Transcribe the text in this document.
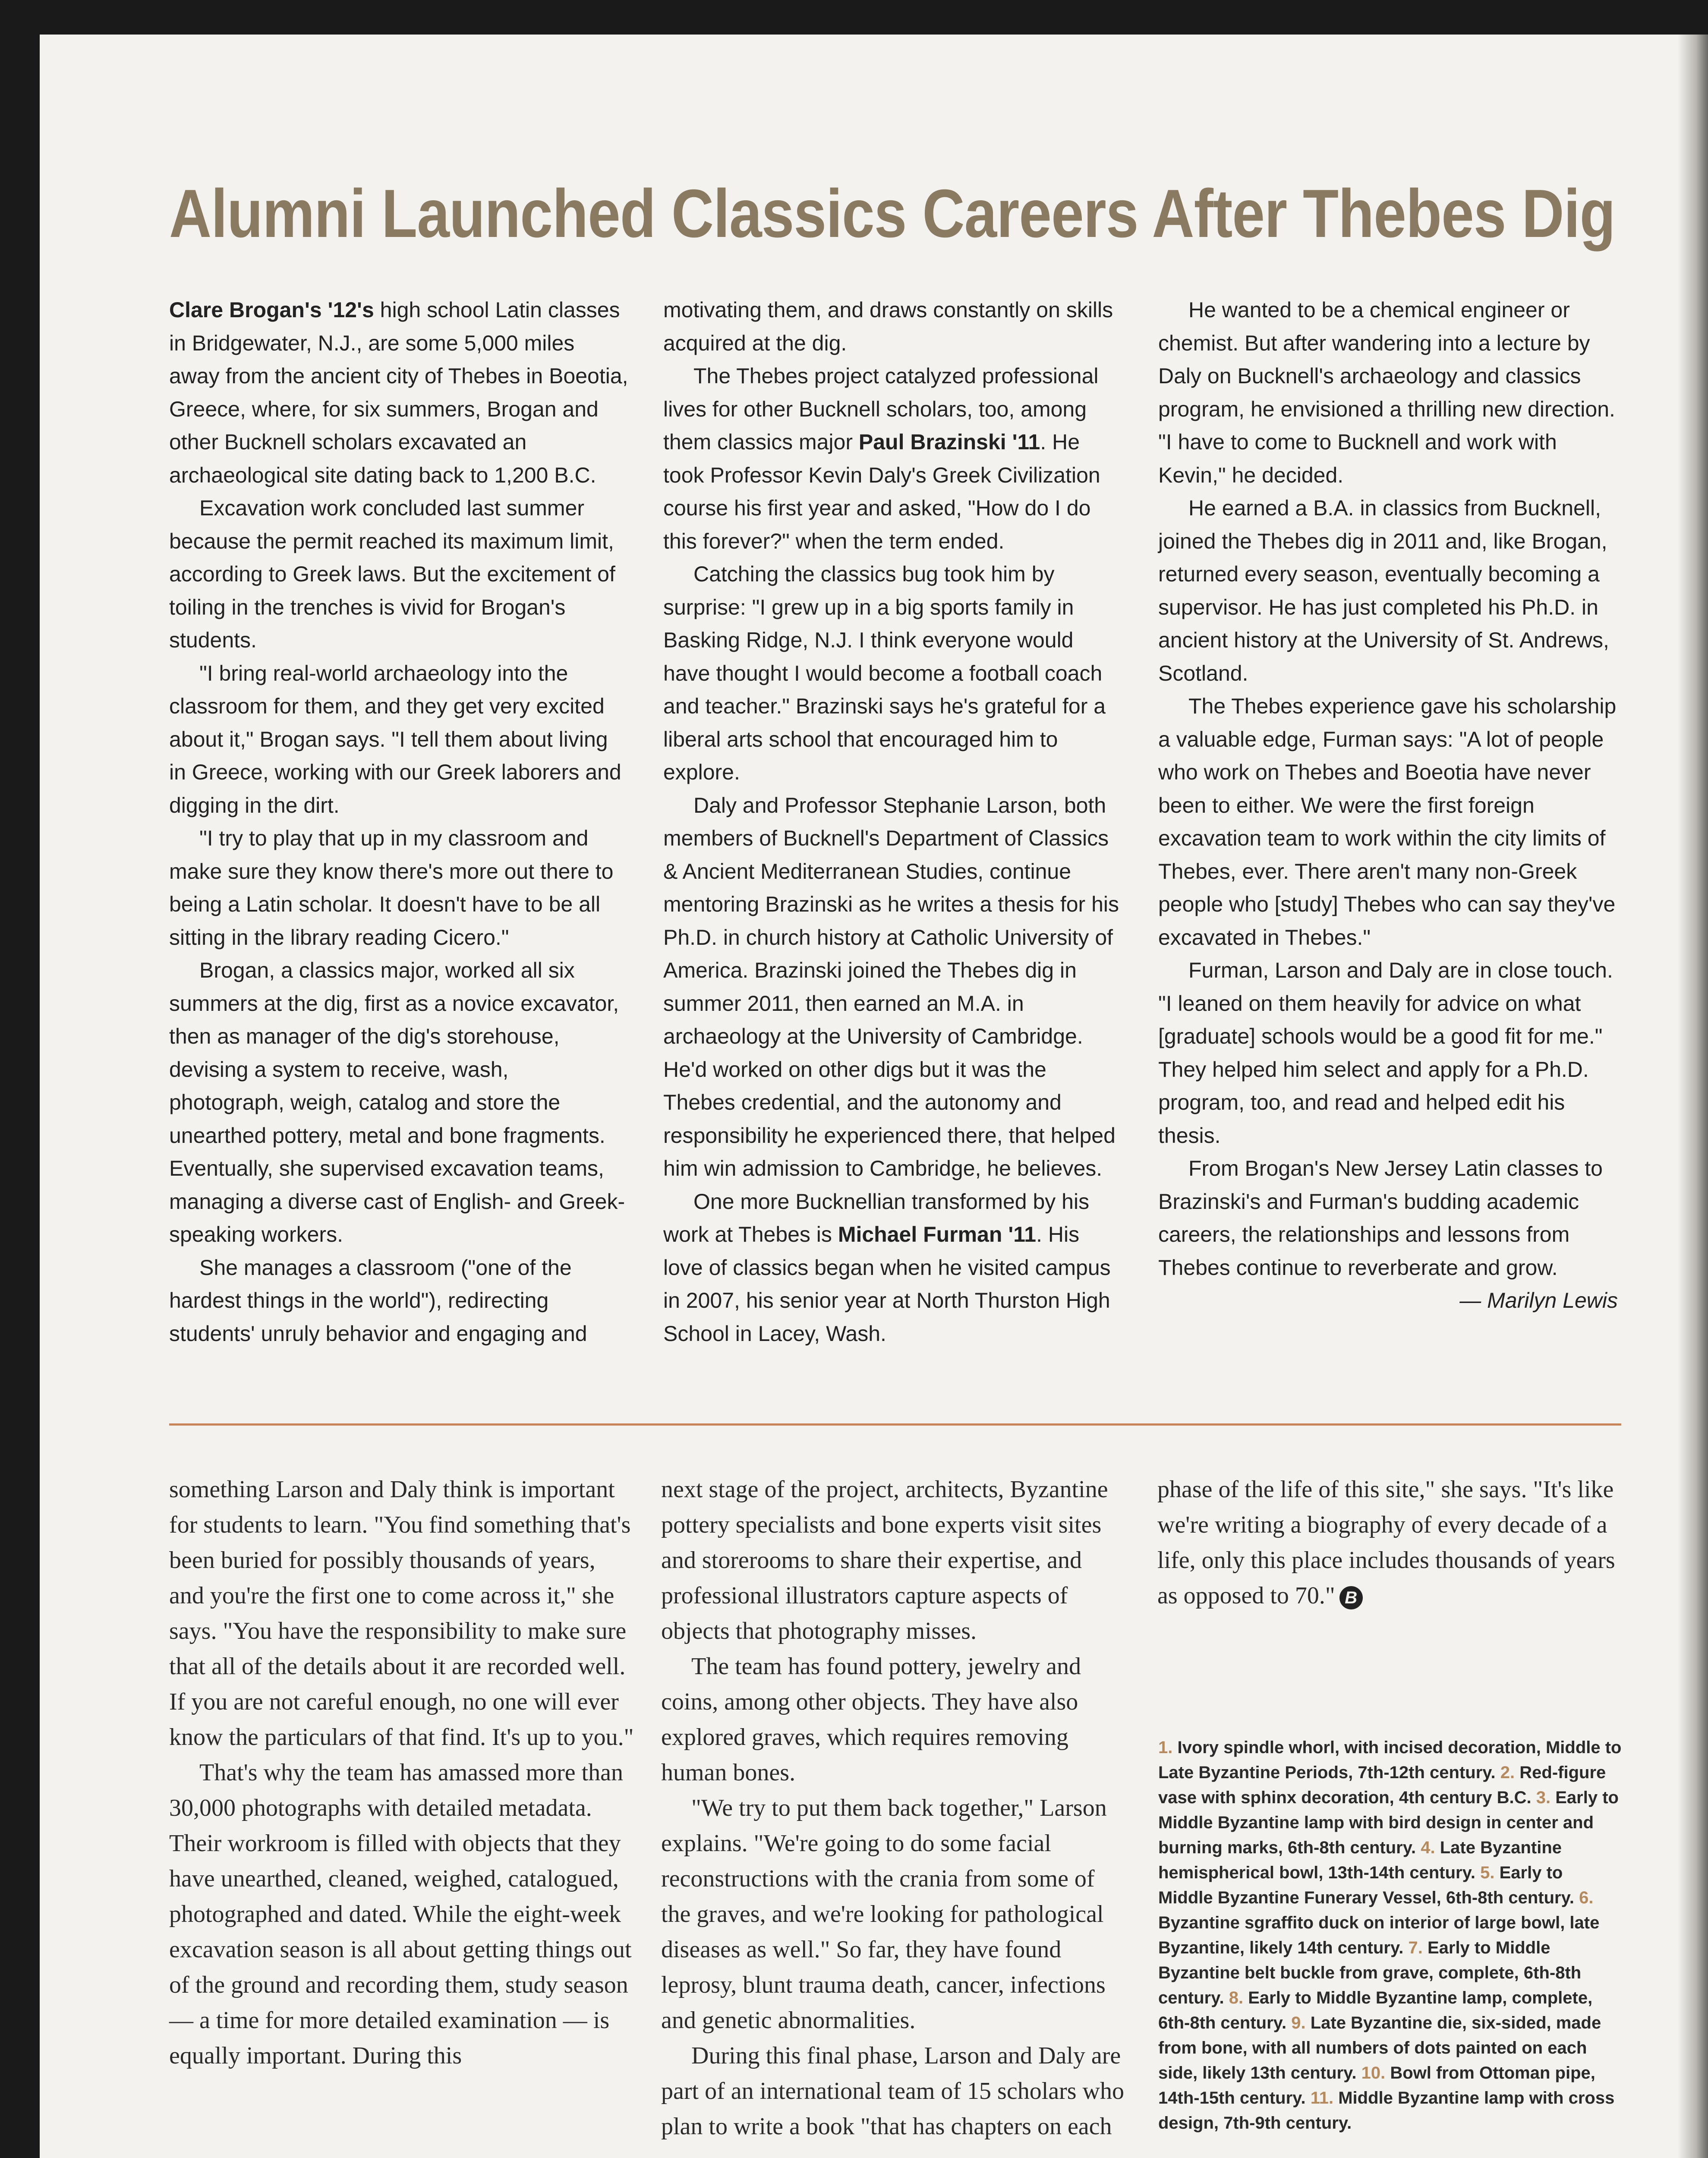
Alumni Launched Classics Careers After Thebes Dig

Clare Brogan's '12's high school Latin classes in Bridgewater, N.J., are some 5,000 miles away from the ancient city of Thebes in Boeotia, Greece, where, for six summers, Brogan and other Bucknell scholars excavated an archaeological site dating back to 1,200 B.C.

Excavation work concluded last summer because the permit reached its maximum limit, according to Greek laws. But the excitement of toiling in the trenches is vivid for Brogan's students.

"I bring real-world archaeology into the classroom for them, and they get very excited about it," Brogan says. "I tell them about living in Greece, working with our Greek laborers and digging in the dirt.

"I try to play that up in my classroom and make sure they know there's more out there to being a Latin scholar. It doesn't have to be all sitting in the library reading Cicero."

Brogan, a classics major, worked all six summers at the dig, first as a novice excavator, then as manager of the dig's storehouse, devising a system to receive, wash, photograph, weigh, catalog and store the unearthed pottery, metal and bone fragments. Eventually, she supervised excavation teams, managing a diverse cast of English- and Greek-speaking workers.

She manages a classroom ("one of the hardest things in the world"), redirecting students' unruly behavior and engaging and

motivating them, and draws constantly on skills acquired at the dig.

The Thebes project catalyzed professional lives for other Bucknell scholars, too, among them classics major Paul Brazinski '11. He took Professor Kevin Daly's Greek Civilization course his first year and asked, "How do I do this forever?" when the term ended.

Catching the classics bug took him by surprise: "I grew up in a big sports family in Basking Ridge, N.J. I think everyone would have thought I would become a football coach and teacher." Brazinski says he's grateful for a liberal arts school that encouraged him to explore.

Daly and Professor Stephanie Larson, both members of Bucknell's Department of Classics & Ancient Mediterranean Studies, continue mentoring Brazinski as he writes a thesis for his Ph.D. in church history at Catholic University of America. Brazinski joined the Thebes dig in summer 2011, then earned an M.A. in archaeology at the University of Cambridge. He'd worked on other digs but it was the Thebes credential, and the autonomy and responsibility he experienced there, that helped him win admission to Cambridge, he believes.

One more Bucknellian transformed by his work at Thebes is Michael Furman '11. His love of classics began when he visited campus in 2007, his senior year at North Thurston High School in Lacey, Wash.

He wanted to be a chemical engineer or chemist. But after wandering into a lecture by Daly on Bucknell's archaeology and classics program, he envisioned a thrilling new direction. "I have to come to Bucknell and work with Kevin," he decided.

He earned a B.A. in classics from Bucknell, joined the Thebes dig in 2011 and, like Brogan, returned every season, eventually becoming a supervisor. He has just completed his Ph.D. in ancient history at the University of St. Andrews, Scotland.

The Thebes experience gave his scholarship a valuable edge, Furman says: "A lot of people who work on Thebes and Boeotia have never been to either. We were the first foreign excavation team to work within the city limits of Thebes, ever. There aren't many non-Greek people who [study] Thebes who can say they've excavated in Thebes."

Furman, Larson and Daly are in close touch. "I leaned on them heavily for advice on what [graduate] schools would be a good fit for me." They helped him select and apply for a Ph.D. program, too, and read and helped edit his thesis.

From Brogan's New Jersey Latin classes to Brazinski's and Furman's budding academic careers, the relationships and lessons from Thebes continue to reverberate and grow.

— Marilyn Lewis

something Larson and Daly think is important for students to learn. "You find something that's been buried for possibly thousands of years, and you're the first one to come across it," she says. "You have the responsibility to make sure that all of the details about it are recorded well. If you are not careful enough, no one will ever know the particulars of that find. It's up to you."

That's why the team has amassed more than 30,000 photographs with detailed metadata. Their workroom is filled with objects that they have unearthed, cleaned, weighed, catalogued, photographed and dated. While the eight-week excavation season is all about getting things out of the ground and recording them, study season — a time for more detailed examination — is equally important. During this

next stage of the project, architects, Byzantine pottery specialists and bone experts visit sites and storerooms to share their expertise, and professional illustrators capture aspects of objects that photography misses.

The team has found pottery, jewelry and coins, among other objects. They have also explored graves, which requires removing human bones.

"We try to put them back together," Larson explains. "We're going to do some facial reconstructions with the crania from some of the graves, and we're looking for pathological diseases as well." So far, they have found leprosy, blunt trauma death, cancer, infections and genetic abnormalities.

During this final phase, Larson and Daly are part of an international team of 15 scholars who plan to write a book "that has chapters on each

phase of the life of this site," she says. "It's like we're writing a biography of every decade of a life, only this place includes thousands of years as opposed to 70." B

1. Ivory spindle whorl, with incised decoration, Middle to Late Byzantine Periods, 7th-12th century. 2. Red-figure vase with sphinx decoration, 4th century B.C. 3. Early to Middle Byzantine lamp with bird design in center and burning marks, 6th-8th century. 4. Late Byzantine hemispherical bowl, 13th-14th century. 5. Early to Middle Byzantine Funerary Vessel, 6th-8th century. 6. Byzantine sgraffito duck on interior of large bowl, late Byzantine, likely 14th century. 7. Early to Middle Byzantine belt buckle from grave, complete, 6th-8th century. 8. Early to Middle Byzantine lamp, complete, 6th-8th century. 9. Late Byzantine die, six-sided, made from bone, with all numbers of dots painted on each side, likely 13th century. 10. Bowl from Ottoman pipe, 14th-15th century. 11. Middle Byzantine lamp with cross design, 7th-9th century.
